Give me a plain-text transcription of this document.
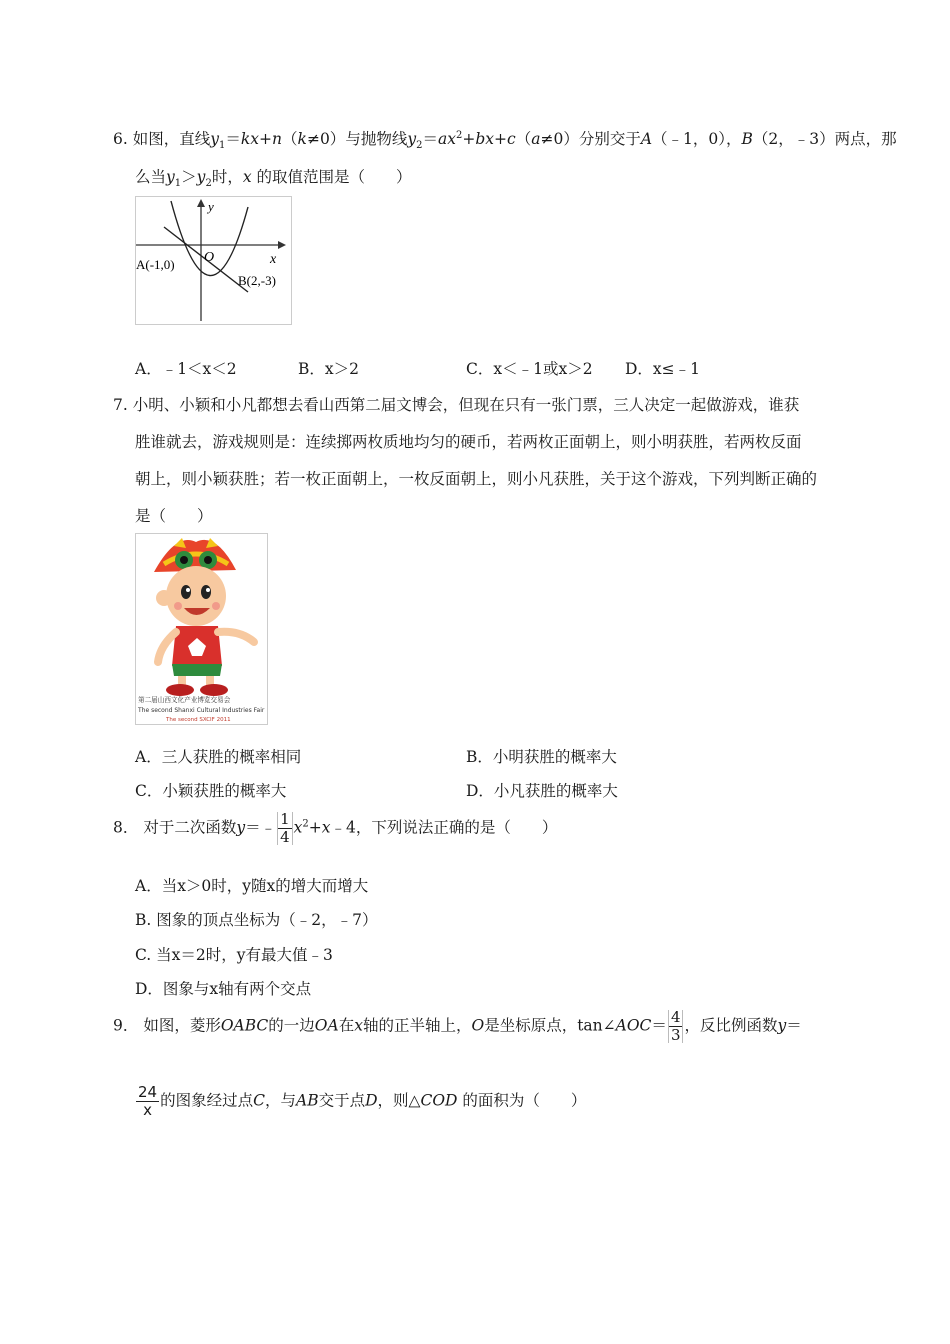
6. 如图，直线$y_1=kx+n(k\ne 0)$与抛物线$y_2=ax^2+bx+c(a\ne 0)$分别交于A（﹣1，0），B（2，﹣3）两点，那
么当$y_1>y_2$时，x 的取值范围是（　　）
y
x
O
A(-1,0)
B(2,-3)
A．﹣1＜x＜2	B．x＞2	C．x＜﹣1或x＞2 D．x≤﹣1
7. 小明、小颖和小凡都想去看山西第二届文博会，但现在只有一张门票，三人决定一起做游戏，谁获
胜谁就去，游戏规则是：连续掷两枚质地均匀的硬币，若两枚正面朝上，则小明获胜，若两枚反面
朝上，则小颖获胜；若一枚正面朝上，一枚反面朝上，则小凡获胜，关于这个游戏，下列判断正确的
是（　　）
第二届山西文化产业博览交易会
The second Shanxi Cultural Industries Fair
The second SXCIF 2011
A．三人获胜的概率相同	B．小明获胜的概率大
C．小颖获胜的概率大	D．小凡获胜的概率大
8． 对于二次函数y＝﹣ $\frac{1}{4}$ $x^2+x﹣4$，下列说法正确的是（　　）
A．当x＞0时，y随x的增大而增大
B. 图象的顶点坐标为（﹣2，﹣7）
C. 当x＝2时，y有最大值﹣3
D．图象与x轴有两个交点
9． 如图，菱形OABC的一边OA在x轴的正半轴上，O是坐标原点，tan∠AOC＝ $\frac{4}{3}$ ，反比例函数y＝
$\frac{24}{x}$ 的图象经过点C，与AB交于点D，则△COD 的面积为（　　）
